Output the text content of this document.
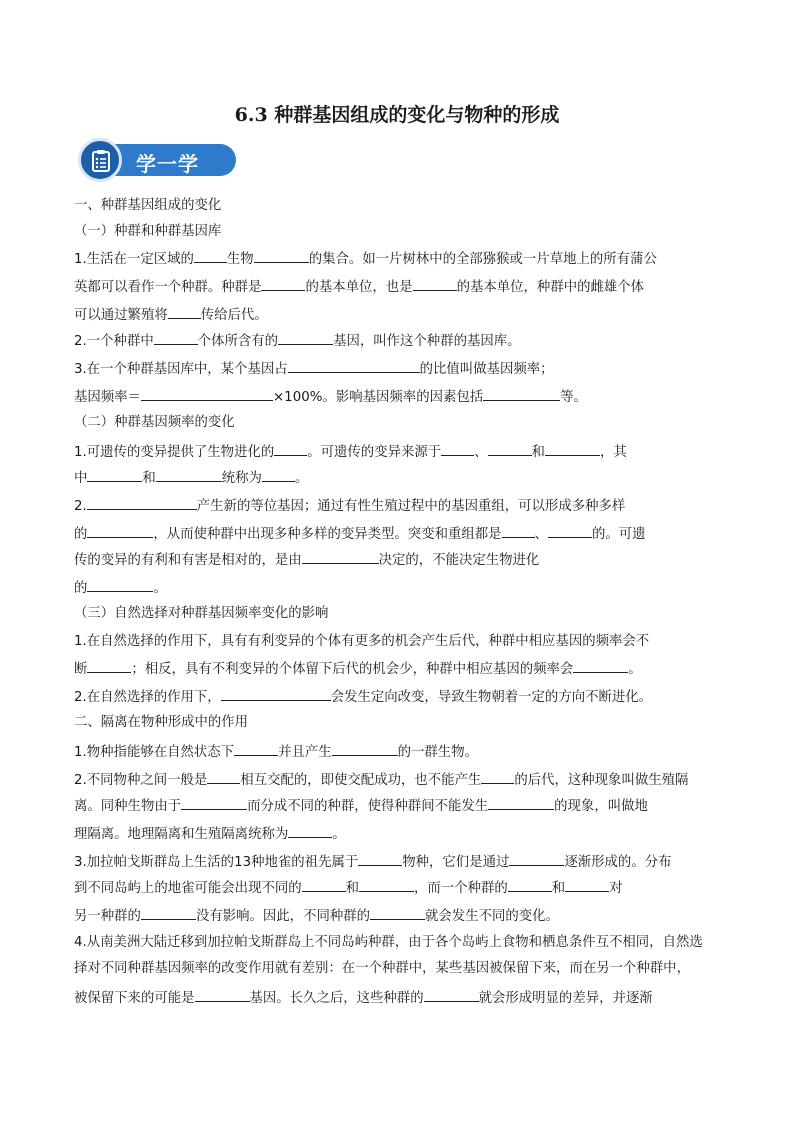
6.3 种群基因组成的变化与物种的形成
学一学
一、种群基因组成的变化
（一）种群和种群基因库
1.生活在一定区域的 生物	的集合。如一片树林中的全部猕猴或一片草地上的所有蒲公
英都可以看作一个种群。种群是	的基本单位，也是	的基本单位，种群中的雌雄个体
可以通过繁殖将 传给后代。
2.一个种群中	个体所含有的	基因，叫作这个种群的基因库。
3.在一个种群基因库中，某个基因占	的比值叫做基因频率；
基因频率＝	×100%。影响基因频率的因素包括	等。
（二）种群基因频率的变化
1.可遗传的变异提供了生物进化的 。可遗传的变异来源于 、	和	，其
中	和	统称为 。
2.	产生新的等位基因；通过有性生殖过程中的基因重组，可以形成多种多样
的	，从而使种群中出现多种多样的变异类型。突变和重组都是 、	的。可遗
传的变异的有利和有害是相对的，是由	决定的，不能决定生物进化
的	。
（三）自然选择对种群基因频率变化的影响
1.在自然选择的作用下，具有有利变异的个体有更多的机会产生后代，种群中相应基因的频率会不
断	；相反，具有不利变异的个体留下后代的机会少，种群中相应基因的频率会	。
2.在自然选择的作用下，	会发生定向改变，导致生物朝着一定的方向不断进化。
二、隔离在物种形成中的作用
1.物种指能够在自然状态下	并且产生	的一群生物。
2.不同物种之间一般是 相互交配的，即使交配成功，也不能产生 的后代，这种现象叫做生殖隔
离。同种生物由于	而分成不同的种群，使得种群间不能发生	的现象，叫做地
理隔离。地理隔离和生殖隔离统称为	。
3.加拉帕戈斯群岛上生活的13种地雀的祖先属于	物种，它们是通过	逐渐形成的。分布
到不同岛屿上的地雀可能会出现不同的	和	，而一个种群的	和	对
另一种群的	没有影响。因此，不同种群的	就会发生不同的变化。
4.从南美洲大陆迁移到加拉帕戈斯群岛上不同岛屿种群，由于各个岛屿上食物和栖息条件互不相同，自然选
择对不同种群基因频率的改变作用就有差别：在一个种群中，某些基因被保留下来，而在另一个种群中，
被保留下来的可能是	基因。长久之后，这些种群的	就会形成明显的差异，并逐渐
